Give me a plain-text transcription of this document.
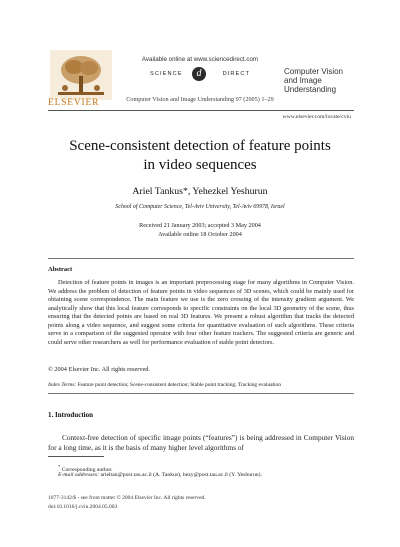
Available online at www.sciencedirect.com
SCIENCE	d	DIRECT
ELSEVIER	Computer Vision and Image Understanding 97 (2005) 1–29
Computer Vision
and Image
Understanding
www.elsevier.com/locate/cviu
Scene-consistent detection of feature points
in video sequences
Ariel Tankus*, Yehezkel Yeshurun
School of Computer Science, Tel-Aviv University, Tel-Aviv 69978, Israel
Received 21 January 2003; accepted 3 May 2004
Available online 18 October 2004
Abstract

Detection of feature points in images is an important preprocessing stage for many algorithms in Computer Vision. We address the problem of detection of feature points in video sequences of 3D scenes, which could be mainly used for obtaining scene correspondence. The main feature we use is the zero crossing of the intensity gradient argument. We analytically show that this local feature corresponds to specific constraints on the local 3D geometry of the scene, thus ensuring that the detected points are based on real 3D features. We present a robust algorithm that tracks the detected points along a video sequence, and suggest some criteria for quantitative evaluation of such algorithms. These criteria serve in a comparison of the suggested operator with four other feature trackers. The suggested criteria are generic and could serve other researchers as well for performance evaluation of stable point detectors.

© 2004 Elsevier Inc. All rights reserved.
Index Terms: Feature point detection; Scene-consistent detection; Stable point tracking; Tracking evaluation
1. Introduction

Context-free detection of specific image points (“features”) is being addressed in Computer Vision for a long time, as it is the basis of many higher level algorithms of

* Corresponding author.
E-mail addresses: arieltan@post.tau.ac.il (A. Tankus), hezy@post.tau.ac.il (Y. Yeshurun).
1077-3142/$ - see front matter © 2004 Elsevier Inc. All rights reserved.
doi:10.1016/j.cviu.2004.05.003
